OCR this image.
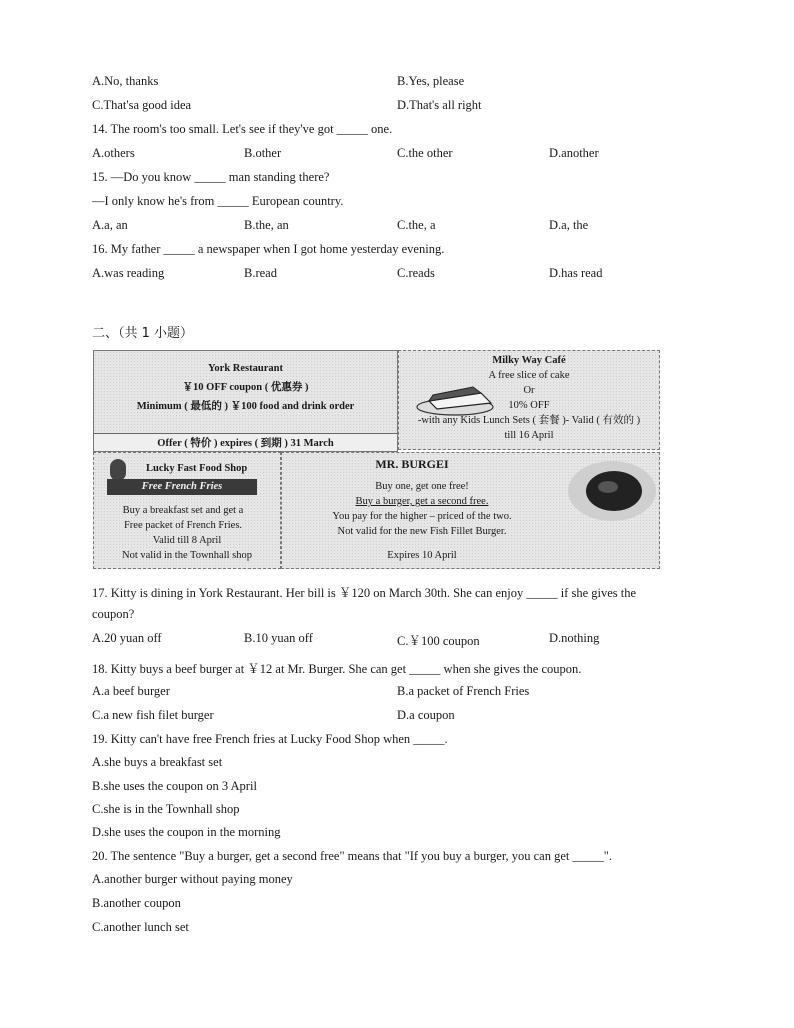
A.No, thanks	B.Yes, please
C.That'sa good idea	D.That's all right
14. The room's too small. Let's see if they've got _____ one.
A.others	B.other	C.the other	D.another
15. —Do you know _____ man standing there?
—I only know he's from _____ European country.
A.a, an	B.the, an	C.the, a	D.a, the
16. My father _____ a newspaper when I got home yesterday evening.
A.was reading	B.read	C.reads	D.has read
二、（共 1 小题）
York Restaurant
￥10 OFF coupon ( 优惠券 )
Minimum ( 最低的 ) ￥100 food and drink order
Offer ( 特价 ) expires ( 到期 ) 31 March
Milky Way Café
A free slice of cake
Or
10% OFF
-with any Kids Lunch Sets ( 套餐 )- Valid ( 有效的 )
till 16 April
Lucky Fast Food Shop
Free French Fries
Buy a breakfast set and get a
Free packet of French Fries.
Valid till 8 April
Not valid in the Townhall shop
MR. BURGEI
Buy one, get one free!
Buy a burger, get a second free.
You pay for the higher – priced of the two.
Not valid for the new Fish Fillet Burger.
Expires 10 April
17. Kitty is dining in York Restaurant. Her bill is ￥120 on March 30th. She can enjoy _____ if she gives the
coupon?
A.20 yuan off	B.10 yuan off	C.￥100 coupon	D.nothing
18. Kitty buys a beef burger at ￥12 at Mr. Burger. She can get _____ when she gives the coupon.
A.a beef burger	B.a packet of French Fries
C.a new fish filet burger	D.a coupon
19. Kitty can't have free French fries at Lucky Food Shop when _____.
A.she buys a breakfast set
B.she uses the coupon on 3 April
C.she is in the Townhall shop
D.she uses the coupon in the morning
20. The sentence "Buy a burger, get a second free" means that "If you buy a burger, you can get _____".
A.another burger without paying money
B.another coupon
C.another lunch set
